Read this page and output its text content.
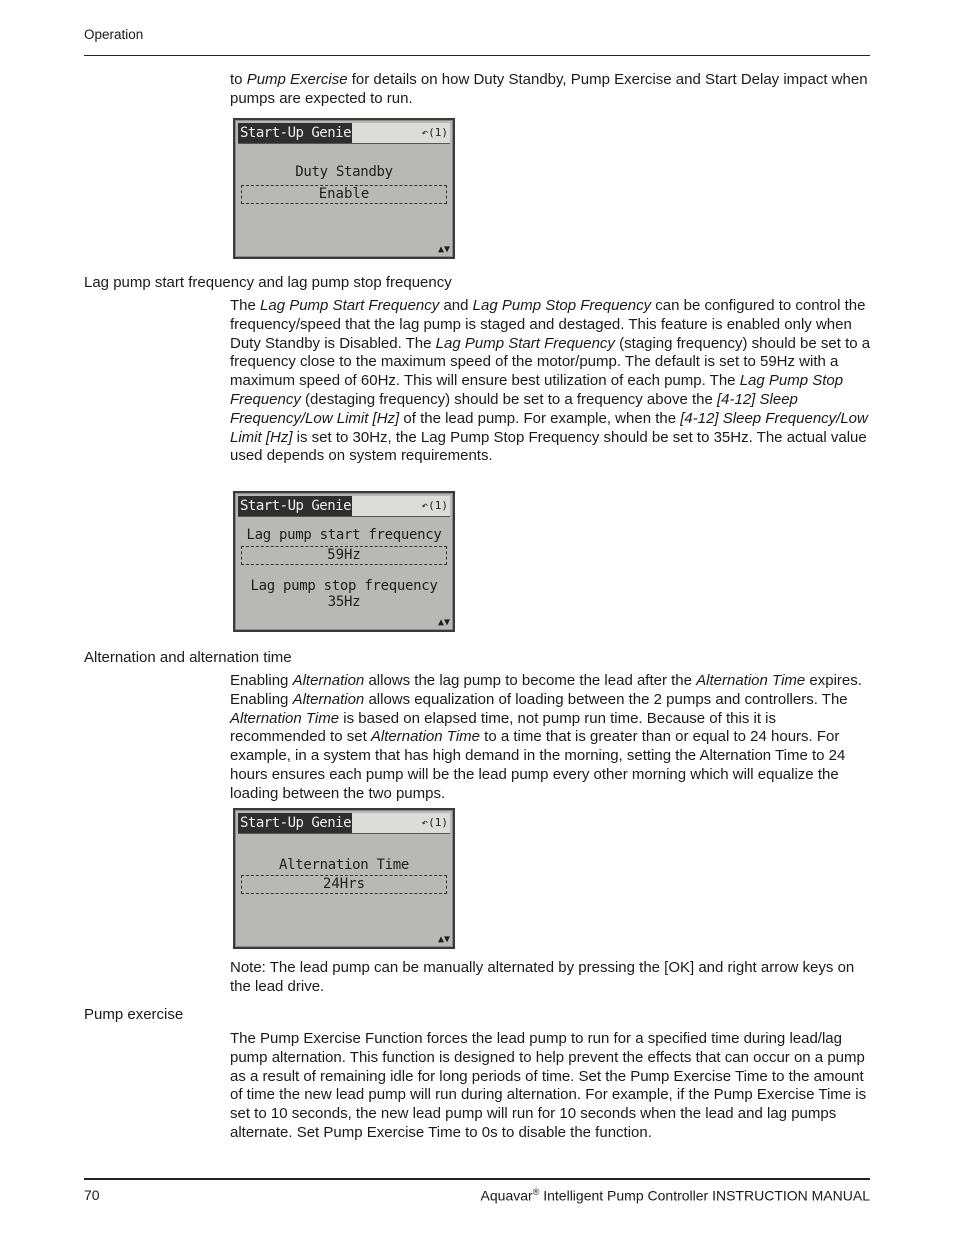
Operation

to Pump Exercise for details on how Duty Standby, Pump Exercise and Start Delay impact when pumps are expected to run.

Start-Up Genie	↶(1)
Duty Standby
Enable
▲▼
Lag pump start frequency and lag pump stop frequency

The Lag Pump Start Frequency and Lag Pump Stop Frequency can be configured to control the frequency/speed that the lag pump is staged and destaged. This feature is enabled only when Duty Standby is Disabled. The Lag Pump Start Frequency (staging frequency) should be set to a frequency close to the maximum speed of the motor/pump. The default is set to 59Hz with a maximum speed of 60Hz. This will ensure best utilization of each pump. The Lag Pump Stop Frequency (destaging frequency) should be set to a frequency above the [4-12] Sleep Frequency/Low Limit [Hz] of the lead pump. For example, when the [4-12] Sleep Frequency/Low Limit [Hz] is set to 30Hz, the Lag Pump Stop Frequency should be set to 35Hz. The actual value used depends on system requirements.

Start-Up Genie	↶(1)
Lag pump start frequency
59Hz
Lag pump stop frequency
35Hz
▲▼
Alternation and alternation time

Enabling Alternation allows the lag pump to become the lead after the Alternation Time expires. Enabling Alternation allows equalization of loading between the 2 pumps and controllers. The Alternation Time is based on elapsed time, not pump run time. Because of this it is recommended to set Alternation Time to a time that is greater than or equal to 24 hours. For example, in a system that has high demand in the morning, setting the Alternation Time to 24 hours ensures each pump will be the lead pump every other morning which will equalize the loading between the two pumps.

Start-Up Genie	↶(1)
Alternation Time
24Hrs
▲▼

Note: The lead pump can be manually alternated by pressing the [OK] and right arrow keys on the lead drive.

Pump exercise

The Pump Exercise Function forces the lead pump to run for a specified time during lead/lag pump alternation. This function is designed to help prevent the effects that can occur on a pump as a result of remaining idle for long periods of time. Set the Pump Exercise Time to the amount of time the new lead pump will run during alternation. For example, if the Pump Exercise Time is set to 10 seconds, the new lead pump will run for 10 seconds when the lead and lag pumps alternate. Set Pump Exercise Time to 0s to disable the function.

70	Aquavar® Intelligent Pump Controller INSTRUCTION MANUAL
